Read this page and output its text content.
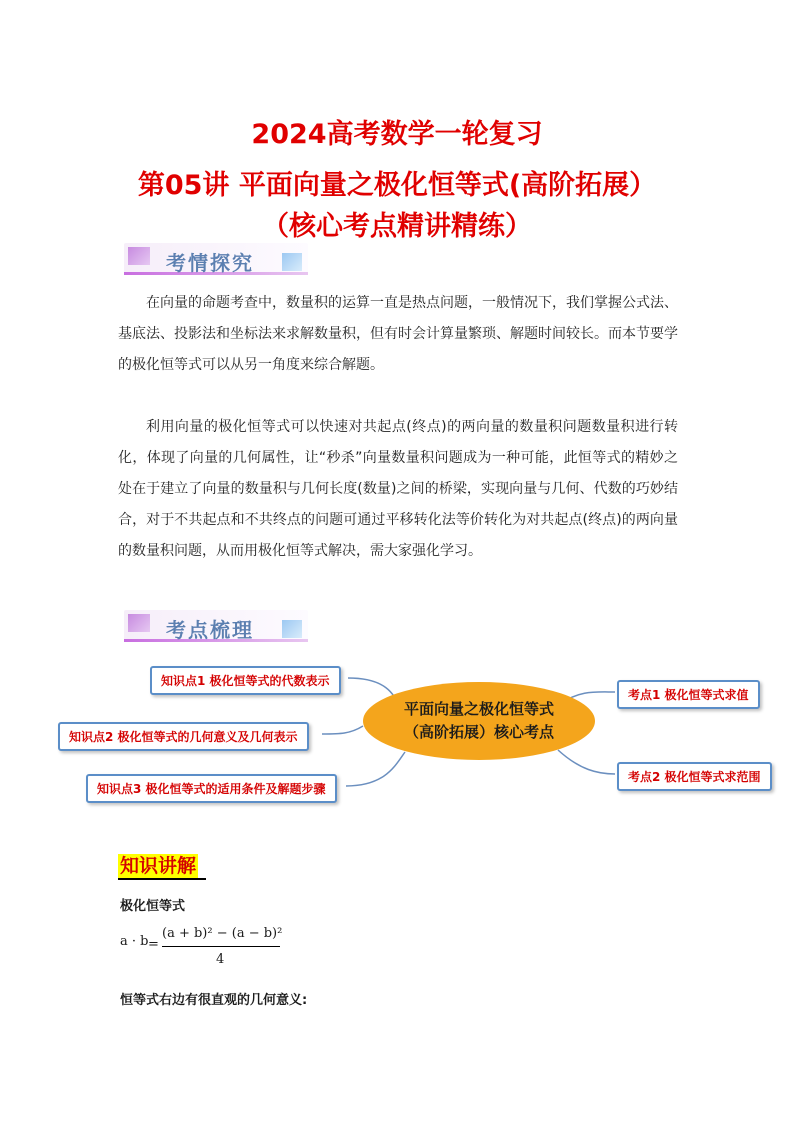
2024高考数学一轮复习
第05讲 平面向量之极化恒等式(高阶拓展）
（核心考点精讲精练）
考情探究

在向量的命题考查中，数量积的运算一直是热点问题，一般情况下，我们掌握公式法、基底法、投影法和坐标法来求解数量积，但有时会计算量繁琐、解题时间较长。而本节要学的极化恒等式可以从另一角度来综合解题。

利用向量的极化恒等式可以快速对共起点(终点)的两向量的数量积问题数量积进行转化，体现了向量的几何属性，让“秒杀”向量数量积问题成为一种可能，此恒等式的精妙之处在于建立了向量的数量积与几何长度(数量)之间的桥梁，实现向量与几何、代数的巧妙结合，对于不共起点和不共终点的问题可通过平移转化法等价转化为对共起点(终点)的两向量的数量积问题，从而用极化恒等式解决，需大家强化学习。

考点梳理
知识点1 极化恒等式的代数表示
知识点2 极化恒等式的几何意义及几何表示
知识点3 极化恒等式的适用条件及解题步骤
平面向量之极化恒等式
（高阶拓展）核心考点
考点1 极化恒等式求值
考点2 极化恒等式求范围
知识讲解
极化恒等式
a · b =
(a + b)² − (a − b)²
4
恒等式右边有很直观的几何意义:
